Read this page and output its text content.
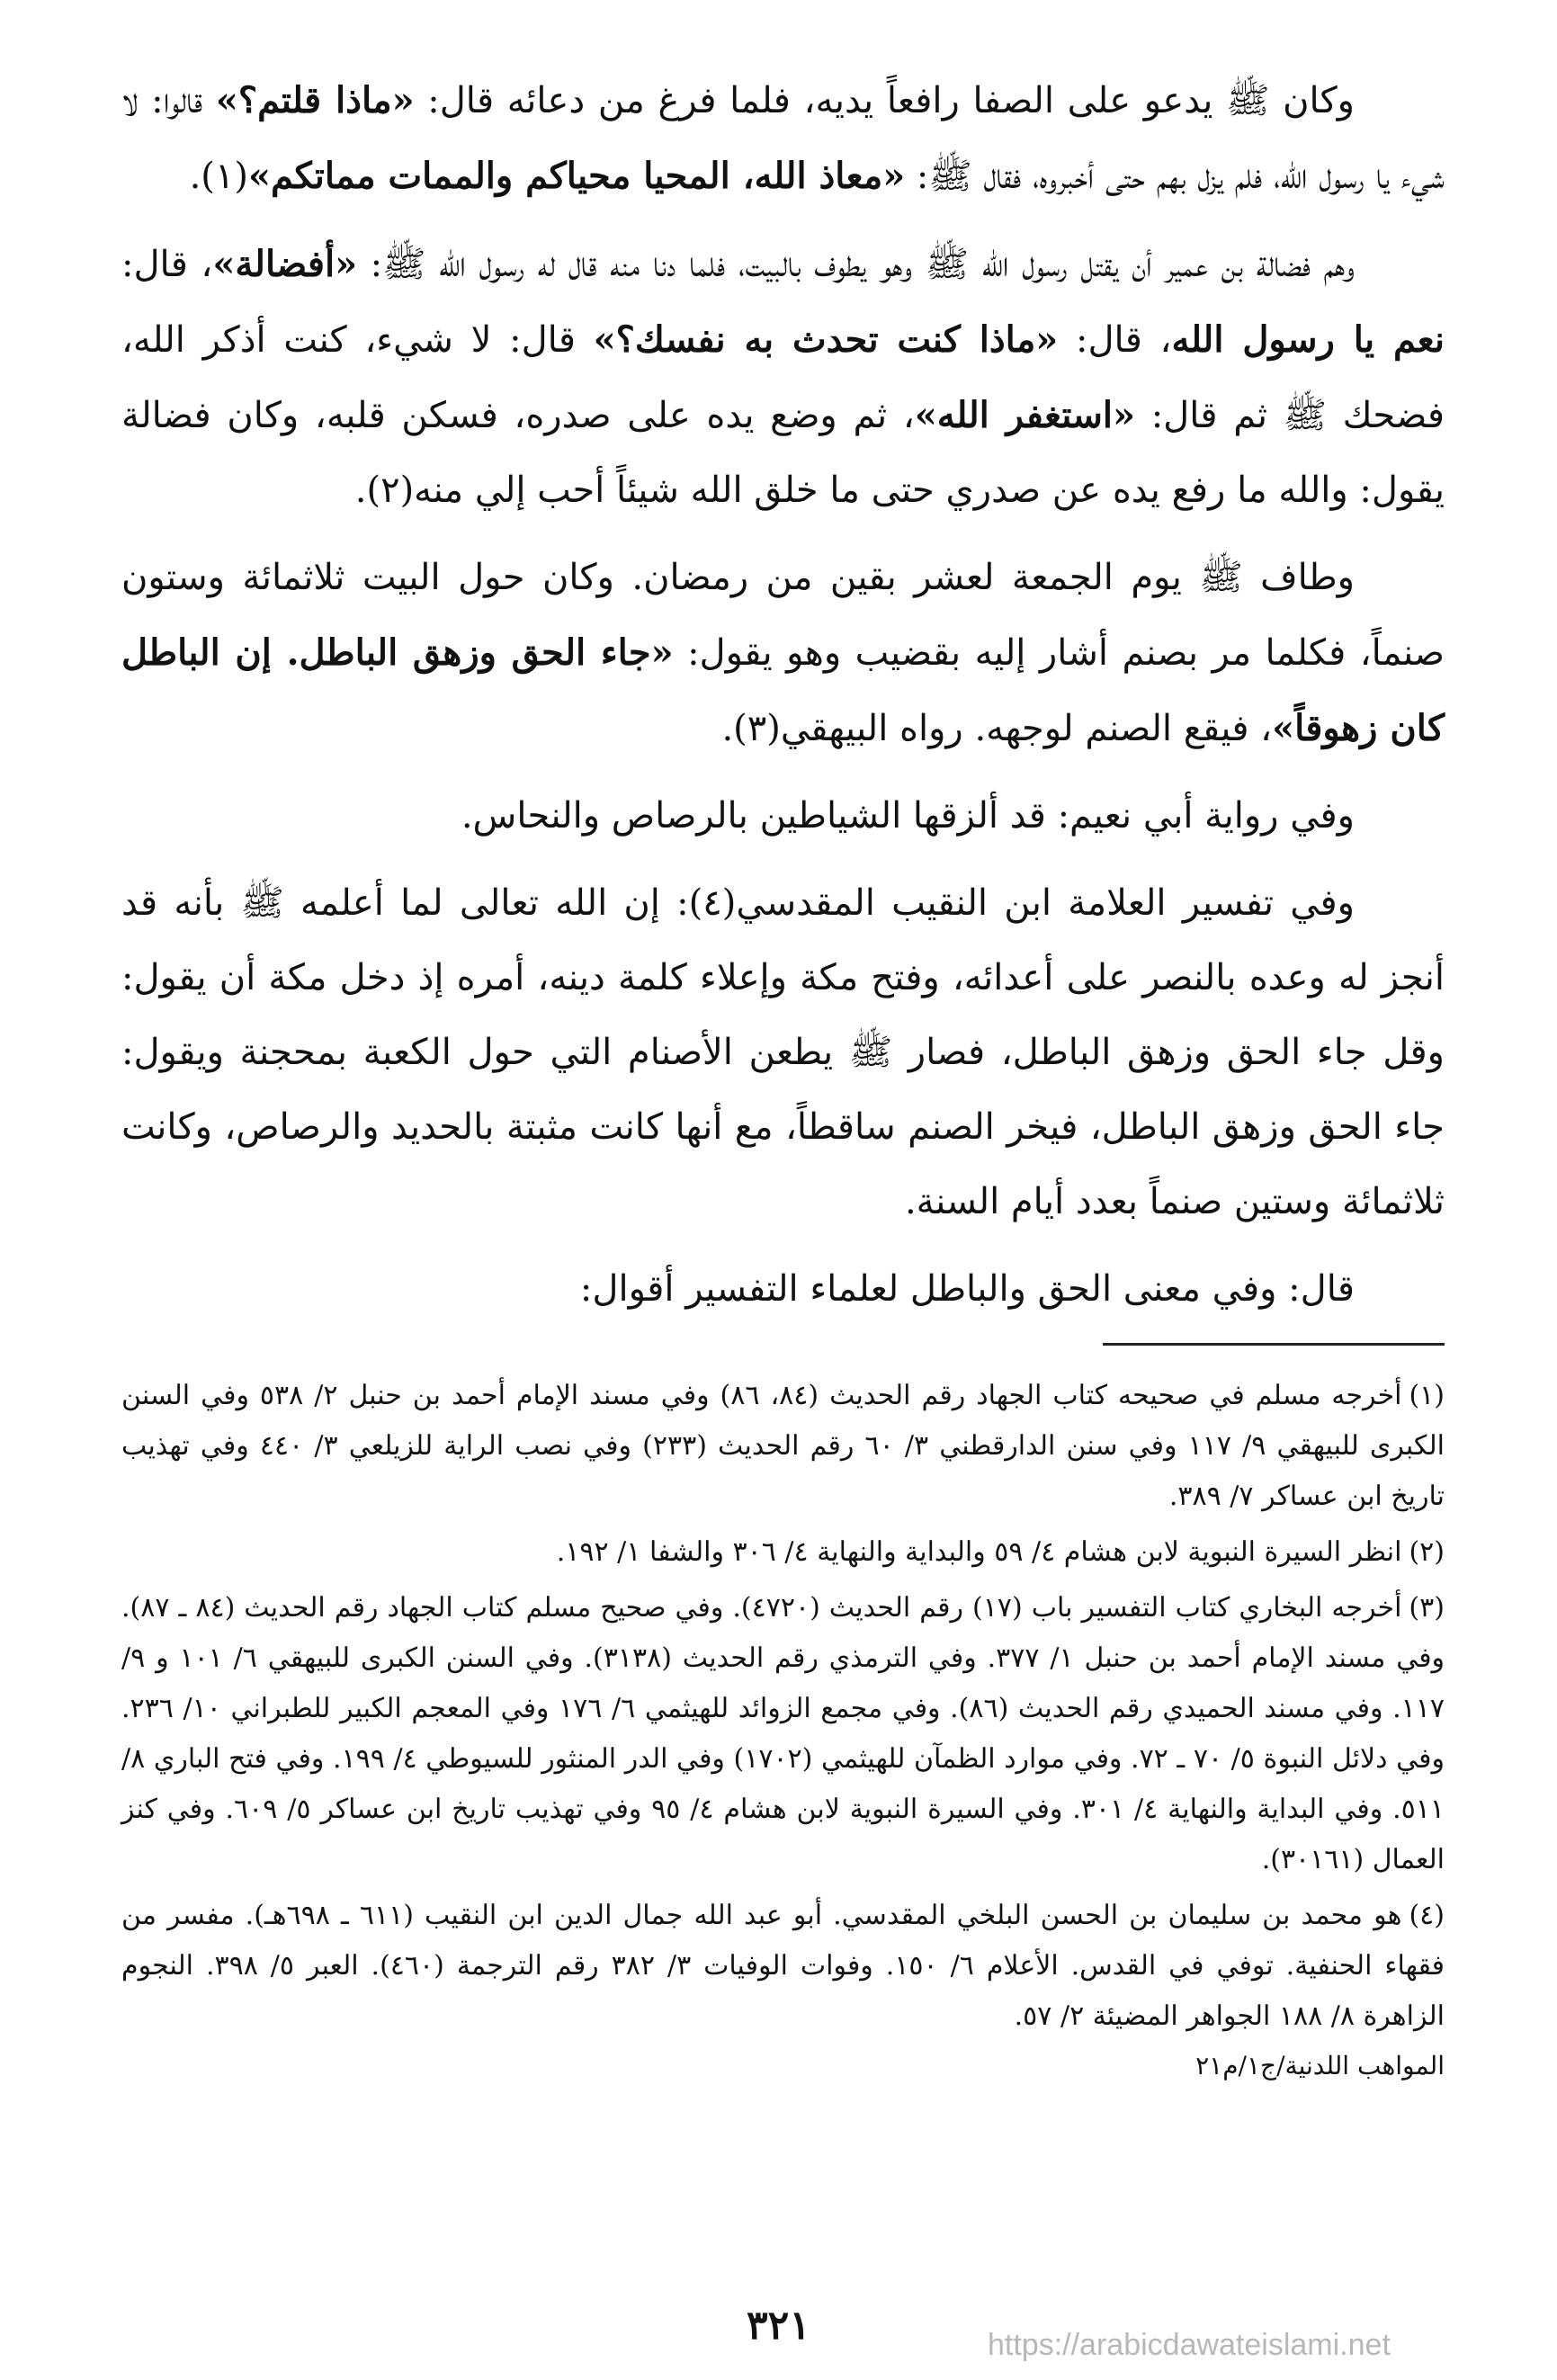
وكان ﷺ يدعو على الصفا رافعاً يديه، فلما فرغ من دعائه قال: «ماذا قلتم؟» قالوا: لا شيء يا رسول الله، فلم يزل بهم حتى أخبروه، فقال ﷺ: «معاذ الله، المحيا محياكم والممات مماتكم»(١).

وهم فضالة بن عمير أن يقتل رسول الله ﷺ وهو يطوف بالبيت، فلما دنا منه قال له رسول الله ﷺ: «أفضالة»، قال: نعم يا رسول الله، قال: «ماذا كنت تحدث به نفسك؟» قال: لا شيء، كنت أذكر الله، فضحك ﷺ ثم قال: «استغفر الله»، ثم وضع يده على صدره، فسكن قلبه، وكان فضالة يقول: والله ما رفع يده عن صدري حتى ما خلق الله شيئاً أحب إلي منه(٢).

وطاف ﷺ يوم الجمعة لعشر بقين من رمضان. وكان حول البيت ثلاثمائة وستون صنماً، فكلما مر بصنم أشار إليه بقضيب وهو يقول: «جاء الحق وزهق الباطل. إن الباطل كان زهوقاً»، فيقع الصنم لوجهه. رواه البيهقي(٣).

وفي رواية أبي نعيم: قد ألزقها الشياطين بالرصاص والنحاس.

وفي تفسير العلامة ابن النقيب المقدسي(٤): إن الله تعالى لما أعلمه ﷺ بأنه قد أنجز له وعده بالنصر على أعدائه، وفتح مكة وإعلاء كلمة دينه، أمره إذ دخل مكة أن يقول: وقل جاء الحق وزهق الباطل، فصار ﷺ يطعن الأصنام التي حول الكعبة بمحجنة ويقول: جاء الحق وزهق الباطل، فيخر الصنم ساقطاً، مع أنها كانت مثبتة بالحديد والرصاص، وكانت ثلاثمائة وستين صنماً بعدد أيام السنة.

قال: وفي معنى الحق والباطل لعلماء التفسير أقوال:

(١)أخرجه مسلم في صحيحه كتاب الجهاد رقم الحديث (٨٤، ٨٦) وفي مسند الإمام أحمد بن حنبل ٢/ ٥٣٨ وفي السنن الكبرى للبيهقي ٩/ ١١٧ وفي سنن الدارقطني ٣/ ٦٠ رقم الحديث (٢٣٣) وفي نصب الراية للزيلعي ٣/ ٤٤٠ وفي تهذيب تاريخ ابن عساكر ٧/ ٣٨٩.
(٢)انظر السيرة النبوية لابن هشام ٤/ ٥٩ والبداية والنهاية ٤/ ٣٠٦ والشفا ١/ ١٩٢.
(٣)أخرجه البخاري كتاب التفسير باب (١٧) رقم الحديث (٤٧٢٠). وفي صحيح مسلم كتاب الجهاد رقم الحديث (٨٤ ـ ٨٧). وفي مسند الإمام أحمد بن حنبل ١/ ٣٧٧. وفي الترمذي رقم الحديث (٣١٣٨). وفي السنن الكبرى للبيهقي ٦/ ١٠١ و ٩/ ١١٧. وفي مسند الحميدي رقم الحديث (٨٦). وفي مجمع الزوائد للهيثمي ٦/ ١٧٦ وفي المعجم الكبير للطبراني ١٠/ ٢٣٦. وفي دلائل النبوة ٥/ ٧٠ ـ ٧٢. وفي موارد الظمآن للهيثمي (١٧٠٢) وفي الدر المنثور للسيوطي ٤/ ١٩٩. وفي فتح الباري ٨/ ٥١١. وفي البداية والنهاية ٤/ ٣٠١. وفي السيرة النبوية لابن هشام ٤/ ٩٥ وفي تهذيب تاريخ ابن عساكر ٥/ ٦٠٩. وفي كنز العمال (٣٠١٦١).
(٤)هو محمد بن سليمان بن الحسن البلخي المقدسي. أبو عبد الله جمال الدين ابن النقيب (٦١١ ـ ٦٩٨هـ). مفسر من فقهاء الحنفية. توفي في القدس. الأعلام ٦/ ١٥٠. وفوات الوفيات ٣/ ٣٨٢ رقم الترجمة (٤٦٠). العبر ٥/ ٣٩٨. النجوم الزاهرة ٨/ ١٨٨ الجواهر المضيئة ٢/ ٥٧.
المواهب اللدنية/ج١/م٢١
٣٢١	https://arabicdawateislami.net
